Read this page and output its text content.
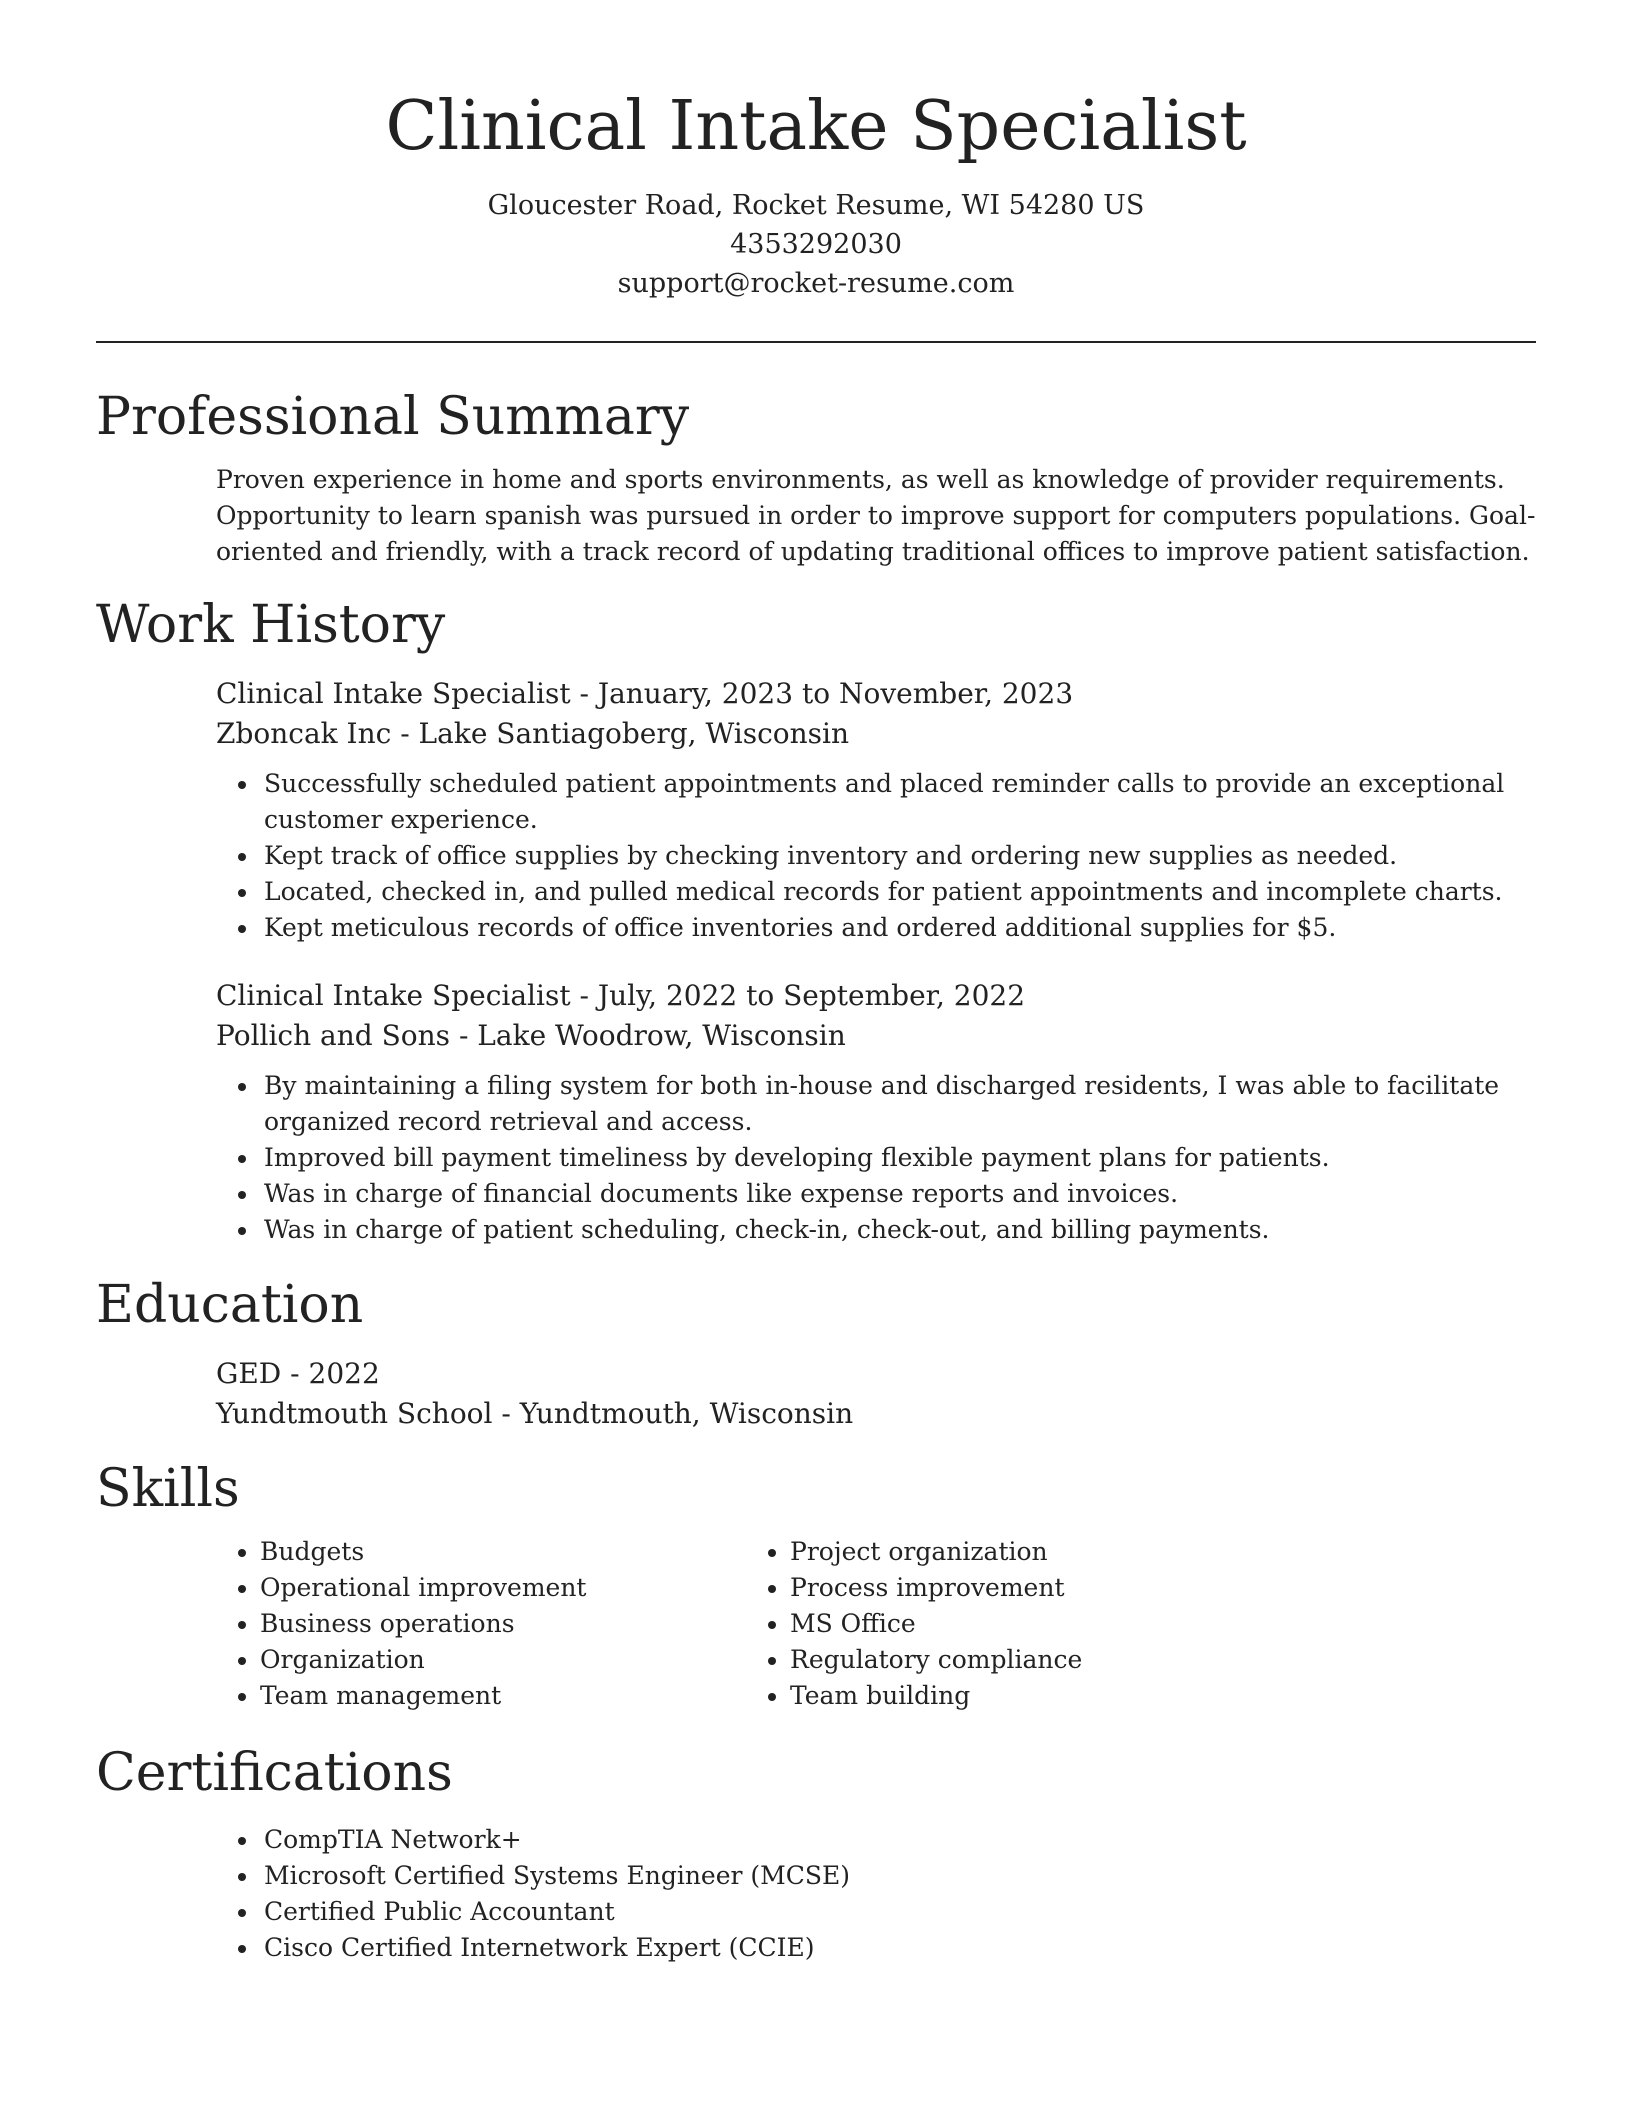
Clinical Intake Specialist
Gloucester Road, Rocket Resume, WI 54280 US
4353292030
support@rocket-resume.com
Professional Summary

Proven experience in home and sports environments, as well as knowledge of provider requirements. Opportunity to learn spanish was pursued in order to improve support for computers populations. Goal-oriented and friendly, with a track record of updating traditional offices to improve patient satisfaction.

Work History
Clinical Intake Specialist - January, 2023 to November, 2023
Zboncak Inc - Lake Santiagoberg, Wisconsin
• Successfully scheduled patient appointments and placed reminder calls to provide an exceptional customer experience.
• Kept track of office supplies by checking inventory and ordering new supplies as needed.
• Located, checked in, and pulled medical records for patient appointments and incomplete charts.
• Kept meticulous records of office inventories and ordered additional supplies for $5.
Clinical Intake Specialist - July, 2022 to September, 2022
Pollich and Sons - Lake Woodrow, Wisconsin
• By maintaining a filing system for both in-house and discharged residents, I was able to facilitate organized record retrieval and access.
• Improved bill payment timeliness by developing flexible payment plans for patients.
• Was in charge of financial documents like expense reports and invoices.
• Was in charge of patient scheduling, check-in, check-out, and billing payments.
Education
GED - 2022
Yundtmouth School - Yundtmouth, Wisconsin
Skills
• Budgets
• Operational improvement
• Business operations
• Organization
• Team management
• Project organization
• Process improvement
• MS Office
• Regulatory compliance
• Team building
Certifications
• CompTIA Network+
• Microsoft Certified Systems Engineer (MCSE)
• Certified Public Accountant
• Cisco Certified Internetwork Expert (CCIE)
